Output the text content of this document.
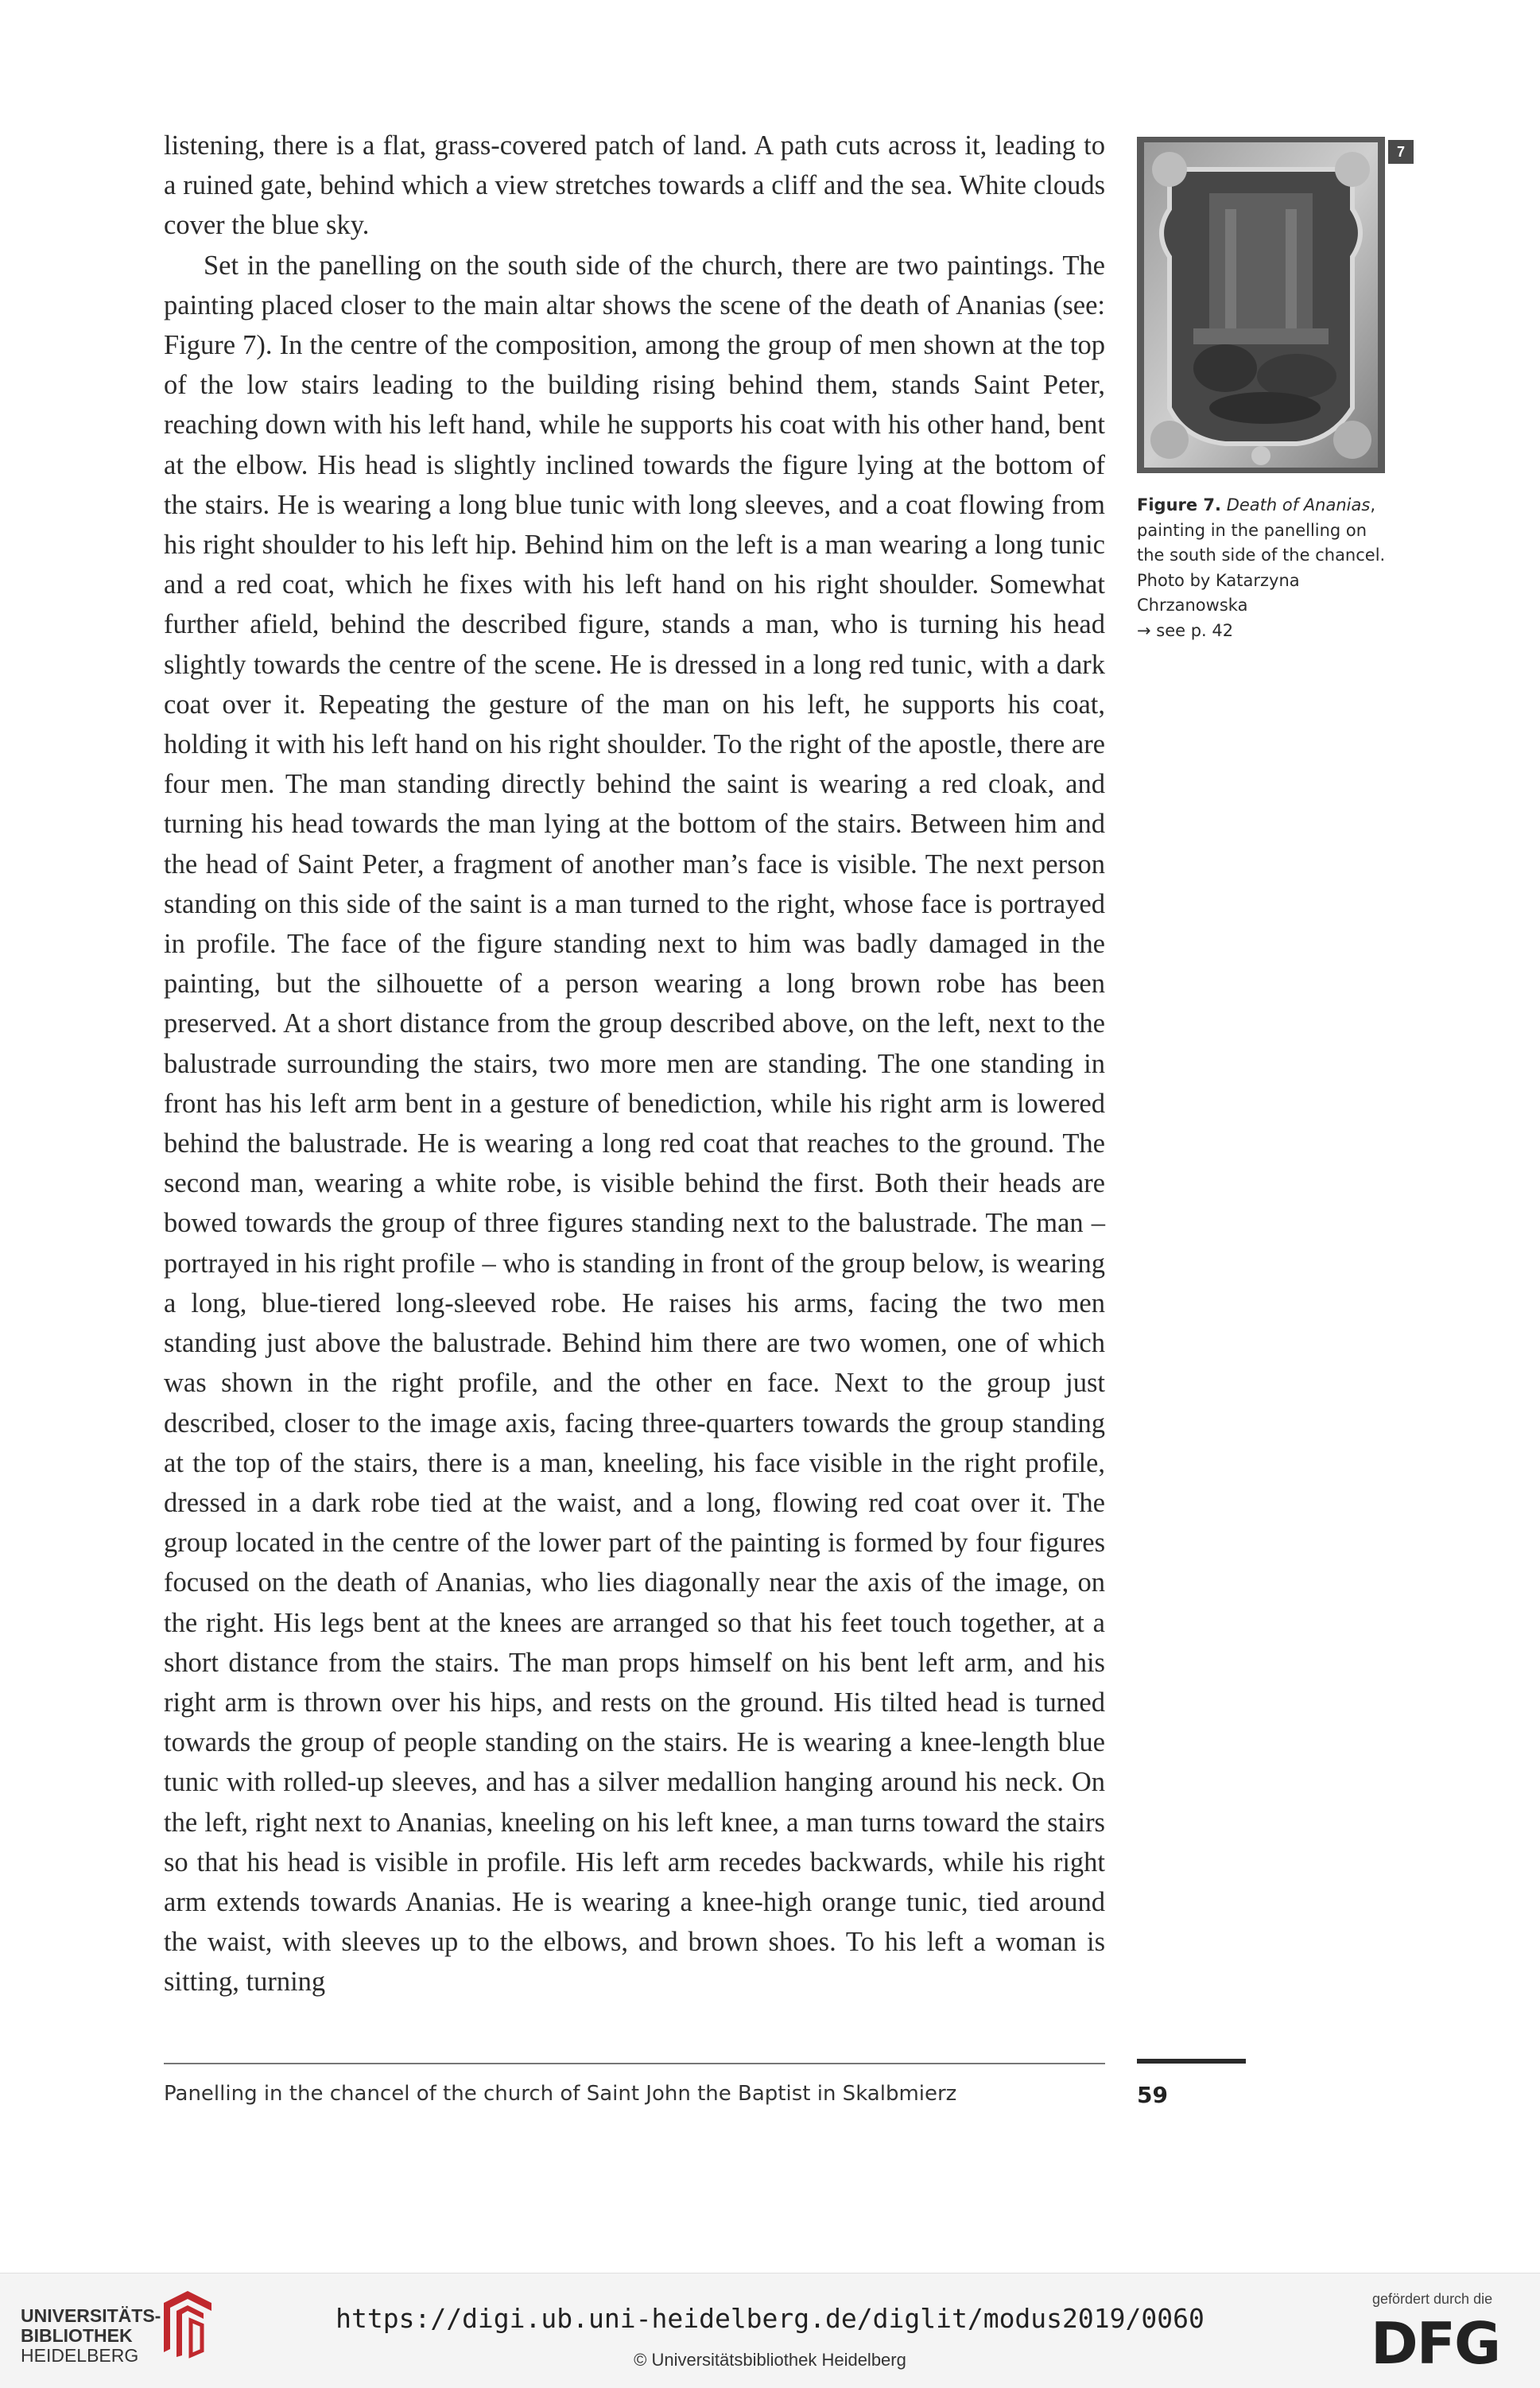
listening, there is a flat, grass-covered patch of land. A path cuts across it, leading to a ruined gate, behind which a view stretches towards a cliff and the sea. White clouds cover the blue sky.

Set in the panelling on the south side of the church, there are two paintings. The painting placed closer to the main altar shows the scene of the death of Ananias (see: Figure 7). In the centre of the composition, among the group of men shown at the top of the low stairs leading to the building rising behind them, stands Saint Peter, reaching down with his left hand, while he supports his coat with his other hand, bent at the elbow. His head is slightly inclined towards the figure lying at the bottom of the stairs. He is wearing a long blue tunic with long sleeves, and a coat flowing from his right shoulder to his left hip. Behind him on the left is a man wearing a long tunic and a red coat, which he fixes with his left hand on his right shoulder. Somewhat further afield, behind the described figure, stands a man, who is turning his head slightly towards the centre of the scene. He is dressed in a long red tunic, with a dark coat over it. Repeating the gesture of the man on his left, he supports his coat, holding it with his left hand on his right shoulder. To the right of the apostle, there are four men. The man standing directly behind the saint is wearing a red cloak, and turning his head towards the man lying at the bottom of the stairs. Between him and the head of Saint Peter, a fragment of another man’s face is visible. The next person standing on this side of the saint is a man turned to the right, whose face is portrayed in profile. The face of the figure standing next to him was badly damaged in the painting, but the silhouette of a person wearing a long brown robe has been preserved. At a short distance from the group described above, on the left, next to the balustrade surrounding the stairs, two more men are standing. The one standing in front has his left arm bent in a gesture of benediction, while his right arm is lowered behind the balustrade. He is wearing a long red coat that reaches to the ground. The second man, wearing a white robe, is visible behind the first. Both their heads are bowed towards the group of three figures standing next to the balustrade. The man – portrayed in his right profile – who is standing in front of the group below, is wearing a long, blue-tiered long-sleeved robe. He raises his arms, facing the two men standing just above the balustrade. Behind him there are two women, one of which was shown in the right profile, and the other en face. Next to the group just described, closer to the image axis, facing three-quarters towards the group standing at the top of the stairs, there is a man, kneeling, his face visible in the right profile, dressed in a dark robe tied at the waist, and a long, flowing red coat over it. The group located in the centre of the lower part of the painting is formed by four figures focused on the death of Ananias, who lies diagonally near the axis of the image, on the right. His legs bent at the knees are arranged so that his feet touch together, at a short distance from the stairs. The man props himself on his bent left arm, and his right arm is thrown over his hips, and rests on the ground. His tilted head is turned towards the group of people standing on the stairs. He is wearing a knee-length blue tunic with rolled-up sleeves, and has a silver medallion hanging around his neck. On the left, right next to Ananias, kneeling on his left knee, a man turns toward the stairs so that his head is visible in profile. His left arm recedes backwards, while his right arm extends towards Ananias. He is wearing a knee-high orange tunic, tied around the waist, with sleeves up to the elbows, and brown shoes. To his left a woman is sitting, turning

7
Figure 7. Death of Ananias, painting in the panelling on the south side of the chancel. Photo by Katarzyna Chrzanowska
→ see p. 42
Panelling in the chancel of the church of Saint John the Baptist in Skalbmierz	59
UNIVERSITÄTS-
BIBLIOTHEK
HEIDELBERG
https://digi.ub.uni-heidelberg.de/diglit/modus2019/0060
© Universitätsbibliothek Heidelberg
gefördert durch die
DFG
